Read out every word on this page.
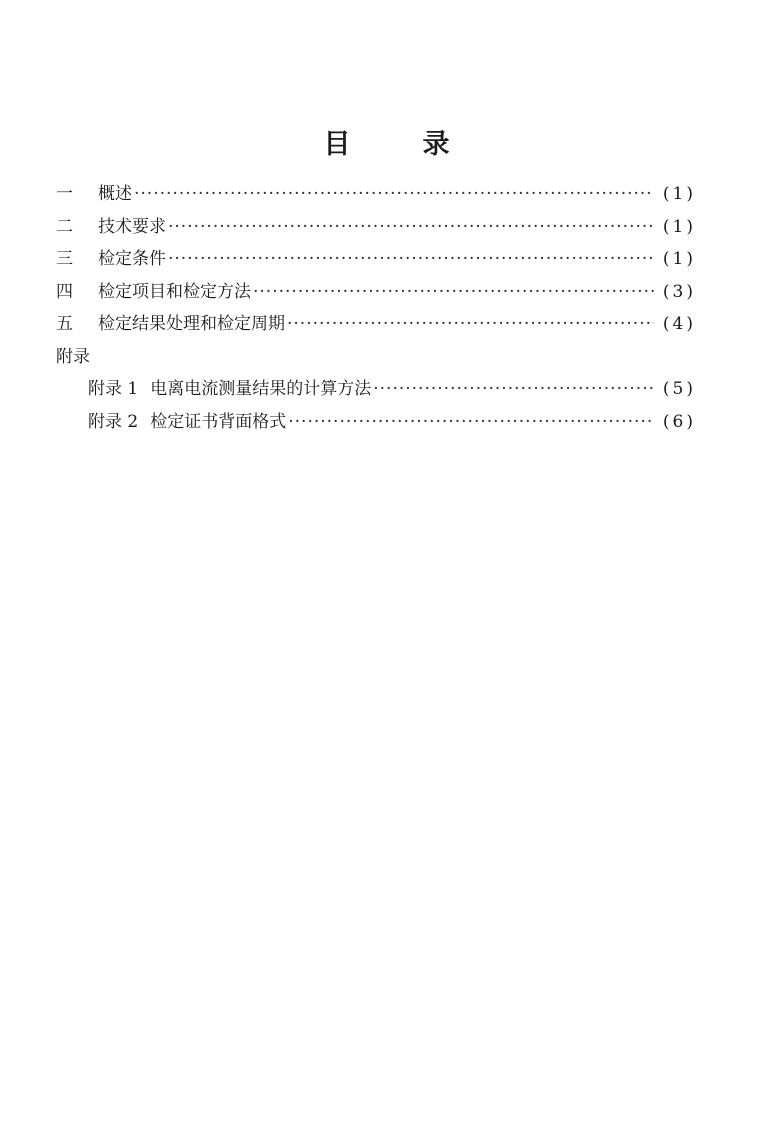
目	录
一	概述 ·····	(1)
二	技术要求 ·····	(1)
三	检定条件 ·····	(1)
四	检定项目和检定方法 ·····	(3)
五	检定结果处理和检定周期 ·····	(4)
附录
附录 1 电离电流测量结果的计算方法 ·····	(5)
附录 2 检定证书背面格式 ·····	(6)
